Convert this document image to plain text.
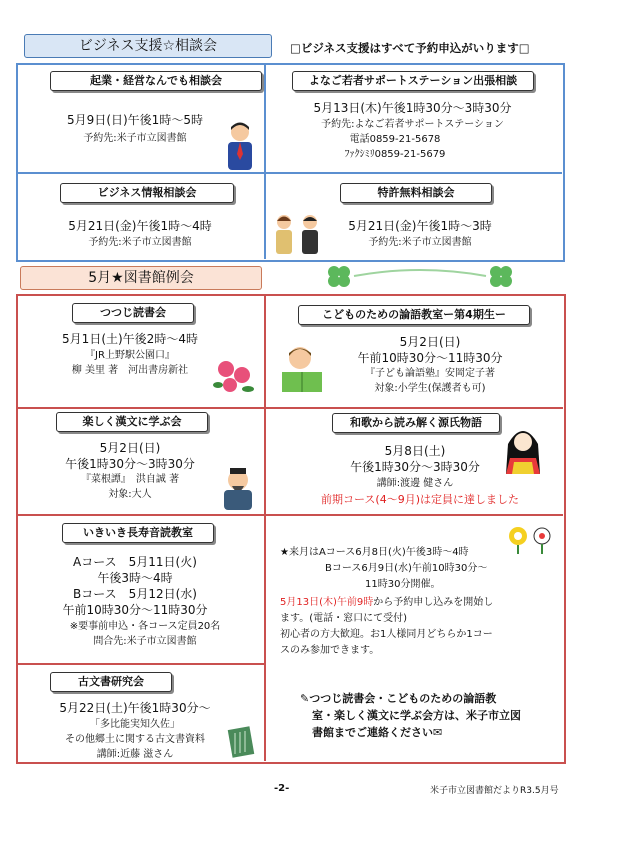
ビジネス支援☆相談会	□ビジネス支援はすべて予約申込がいります□
起業・経営なんでも相談会
5月9日(日)午後1時～5時
予約先:米子市立図書館
よなご若者サポートステーション出張相談
5月13日(木)午後1時30分～3時30分
予約先:よなご若者サポートステーション
電話0859-21-5678
ﾌｧｸｼﾐﾘ0859-21-5679
ビジネス情報相談会
5月21日(金)午後1時～4時
予約先:米子市立図書館
特許無料相談会
5月21日(金)午後1時～3時
予約先:米子市立図書館
5月★図書館例会
つつじ読書会
5月1日(土)午後2時～4時
『JR上野駅公園口』
柳 美里 著　河出書房新社
こどものための論語教室ー第4期生ー
5月2日(日)
午前10時30分～11時30分
『子ども論語塾』安岡定子著
対象:小学生(保護者も可)
楽しく漢文に学ぶ会
5月2日(日)
午後1時30分～3時30分
『菜根譚』　洪自誠 著
対象:大人
和歌から読み解く源氏物語
5月8日(土)
午後1時30分～3時30分
講師:渡邊 健さん
前期コース(4～9月)は定員に達しました
いきいき長寿音読教室
Aコース　5月11日(火)
午後3時～4時
Bコース　5月12日(水)
午前10時30分～11時30分
※要事前申込・各コース定員20名
問合先:米子市立図書館
★来月はAコース6月8日(火)午後3時～4時
Bコース6月9日(水)午前10時30分～
11時30分開催。
5月13日(木)午前9時から予約申し込みを開始し
ます。(電話・窓口にて受付)
初心者の方大歓迎。お1人様同月どちらか1コー
スのみ参加できます。
古文書研究会
5月22日(土)午後1時30分～
「多比能実知久佐」
その他郷土に関する古文書資料
講師:近藤 滋さん
✎つつじ読書会・こどものための論語教
室・楽しく漢文に学ぶ会方は、米子市立図
書館までご連絡ください✉
-2-	米子市立図書館だよりR3.5月号
